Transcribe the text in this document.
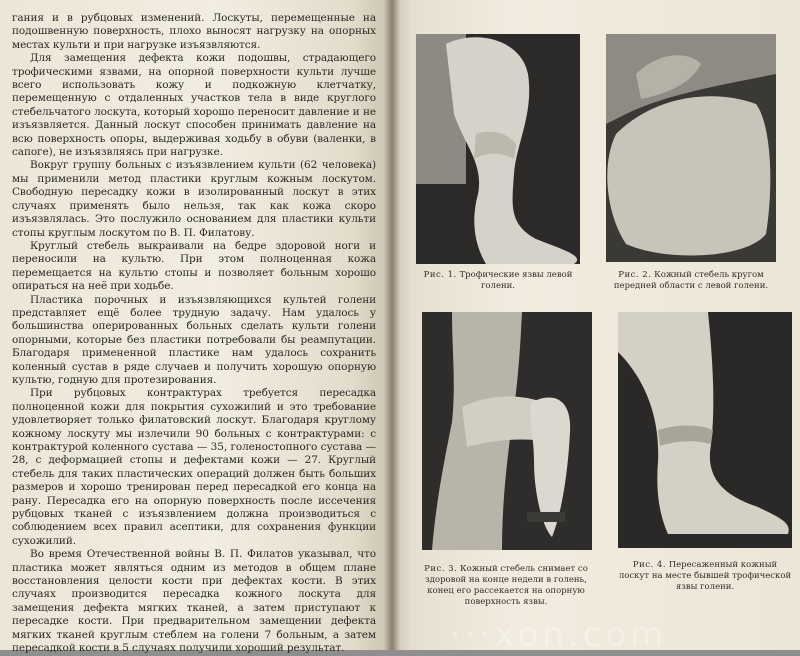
гания и в рубцовых изменений. Лоскуты, перемещенные на подошвенную поверхность, плохо выносят нагрузку на опорных местах культи и при нагрузке изъязвляются.

Для замещения дефекта кожи подошвы, страдающего трофическими язвами, на опорной поверхности культи лучше всего использовать кожу и подкожную клетчатку, перемещенную с отдаленных участков тела в виде круглого стебельчатого лоскута, который хорошо переносит давление и не изъязвляется. Данный лоскут способен принимать давление на всю поверхность опоры, выдерживая ходьбу в обуви (валенки, в сапоге), не изъязвляясь при нагрузке.

Вокруг группу больных с изъязвлением культи (62 человека) мы применили метод пластики круглым кожным лоскутом. Свободную пересадку кожи в изолированный лоскут в этих случаях применять было нельзя, так как кожа скоро изъязвлялась. Это послужило основанием для пластики культи стопы круглым лоскутом по В. П. Филатову.

Круглый стебель выкраивали на бедре здоровой ноги и переносили на культю. При этом полноценная кожа перемещается на культю стопы и позволяет больным хорошо опираться на неё при ходьбе.

Пластика порочных и изъязвляющихся культей голени представляет ещё более трудную задачу. Нам удалось у большинства оперированных больных сделать культи голени опорными, которые без пластики потребовали бы реампутации. Благодаря примененной пластике нам удалось сохранить коленный сустав в ряде случаев и получить хорошую опорную культю, годную для протезирования.

При рубцовых контрактурах требуется пересадка полноценной кожи для покрытия сухожилий и это требование удовлетворяет только филатовский лоскут. Благодаря круглому кожному лоскуту мы излечили 90 больных с контрактурами: с контрактурой коленного сустава — 35, голеностопного сустава — 28, с деформацией стопы и дефектами кожи — 27. Круглый стебель для таких пластических операций должен быть больших размеров и хорошо тренирован перед пересадкой его конца на рану. Пересадка его на опорную поверхность после иссечения рубцовых тканей с изъязвлением должна производиться с соблюдением всех правил асептики, для сохранения функции сухожилий.

Во время Отечественной войны В. П. Филатов указывал, что пластика может являться одним из методов в общем плане восстановления целости кости при дефектах кости. В этих случаях производится пересадка кожного лоскута для замещения дефекта мягких тканей, а затем приступают к пересадке кости. При предварительном замещении дефекта мягких тканей круглым стеблем на голени 7 больным, а затем пересадкой кости в 5 случаях получили хороший результат.

Рис. 1. Трофические язвы левой голени.
Рис. 2. Кожный стебель кругом передней области с левой голени.
Рис. 3. Кожный стебель снимает со здоровой на конце недели в голень, конец его рассекается на опорную поверхность язвы.
Рис. 4. Пересаженный кожный лоскут на месте бывшей трофической язвы голени.
···xon.com
